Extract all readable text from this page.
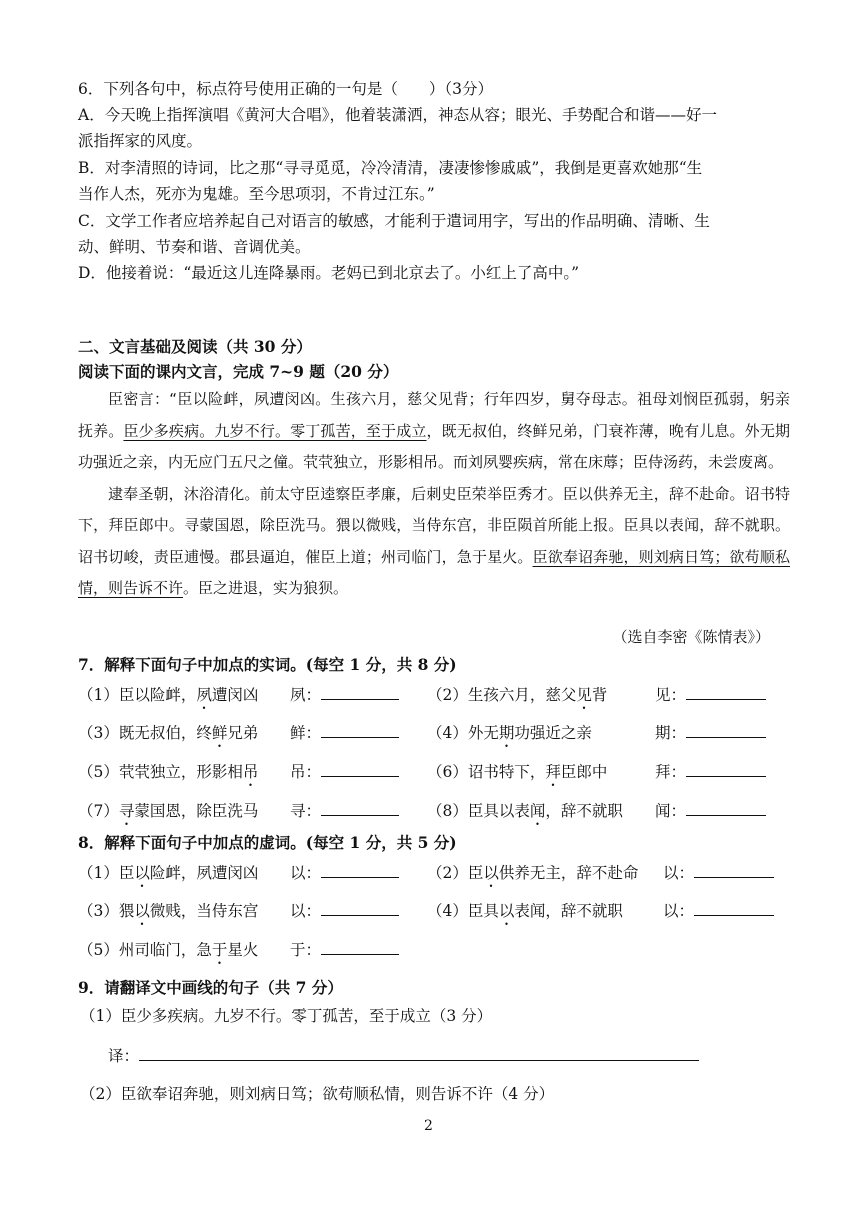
6．下列各句中，标点符号使用正确的一句是（　　）（3分）
A．今天晚上指挥演唱《黄河大合唱》，他着装潇洒，神态从容；眼光、手势配合和谐——好一
派指挥家的风度。
B．对李清照的诗词，比之那“寻寻觅觅，冷冷清清，凄凄惨惨戚戚”，我倒是更喜欢她那“生
当作人杰，死亦为鬼雄。至今思项羽，不肯过江东。”
C．文学工作者应培养起自己对语言的敏感，才能利于遣词用字，写出的作品明确、清晰、生
动、鲜明、节奏和谐、音调优美。
D．他接着说：“最近这儿连降暴雨。老妈已到北京去了。小红上了高中。”
二、文言基础及阅读（共 30 分）
阅读下面的课内文言，完成 7~9 题（20 分）

臣密言：“臣以险衅，夙遭闵凶。生孩六月，慈父见背；行年四岁，舅夺母志。祖母刘悯臣孤弱，躬亲抚养。臣少多疾病。九岁不行。零丁孤苦，至于成立，既无叔伯，终鲜兄弟，门衰祚薄，晚有儿息。外无期功强近之亲，内无应门五尺之僮。茕茕独立，形影相吊。而刘夙婴疾病，常在床蓐；臣侍汤药，未尝废离。

逮奉圣朝，沐浴清化。前太守臣逵察臣孝廉，后刺史臣荣举臣秀才。臣以供养无主，辞不赴命。诏书特下，拜臣郎中。寻蒙国恩，除臣洗马。猥以微贱，当侍东宫，非臣陨首所能上报。臣具以表闻，辞不就职。诏书切峻，责臣逋慢。郡县逼迫，催臣上道；州司临门，急于星火。臣欲奉诏奔驰，则刘病日笃；欲苟顺私情，则告诉不许。臣之进退，实为狼狈。

（选自李密《陈情表》）
7．解释下面句子中加点的实词。(每空 1 分，共 8 分)
（1）臣以险衅，夙遭闵凶 夙：	（2）生孩六月，慈父见背	见：
（3）既无叔伯，终鲜兄弟 鲜：	（4）外无期功强近之亲	期：
（5）茕茕独立，形影相吊 吊：	（6）诏书特下，拜臣郎中	拜：
（7）寻蒙国恩，除臣洗马 寻：	（8）臣具以表闻，辞不就职 闻：
8．解释下面句子中加点的虚词。(每空 1 分，共 5 分)
（1）臣以险衅，夙遭闵凶 以：	（2）臣以供养无主，辞不赴命 以：
（3）猥以微贱，当侍东宫 以：	（4）臣具以表闻，辞不就职	以：
（5）州司临门，急于星火 于：
9．请翻译文中画线的句子（共 7 分）
（1）臣少多疾病。九岁不行。零丁孤苦，至于成立（3 分）
译：
（2）臣欲奉诏奔驰，则刘病日笃；欲苟顺私情，则告诉不许（4 分）
2
